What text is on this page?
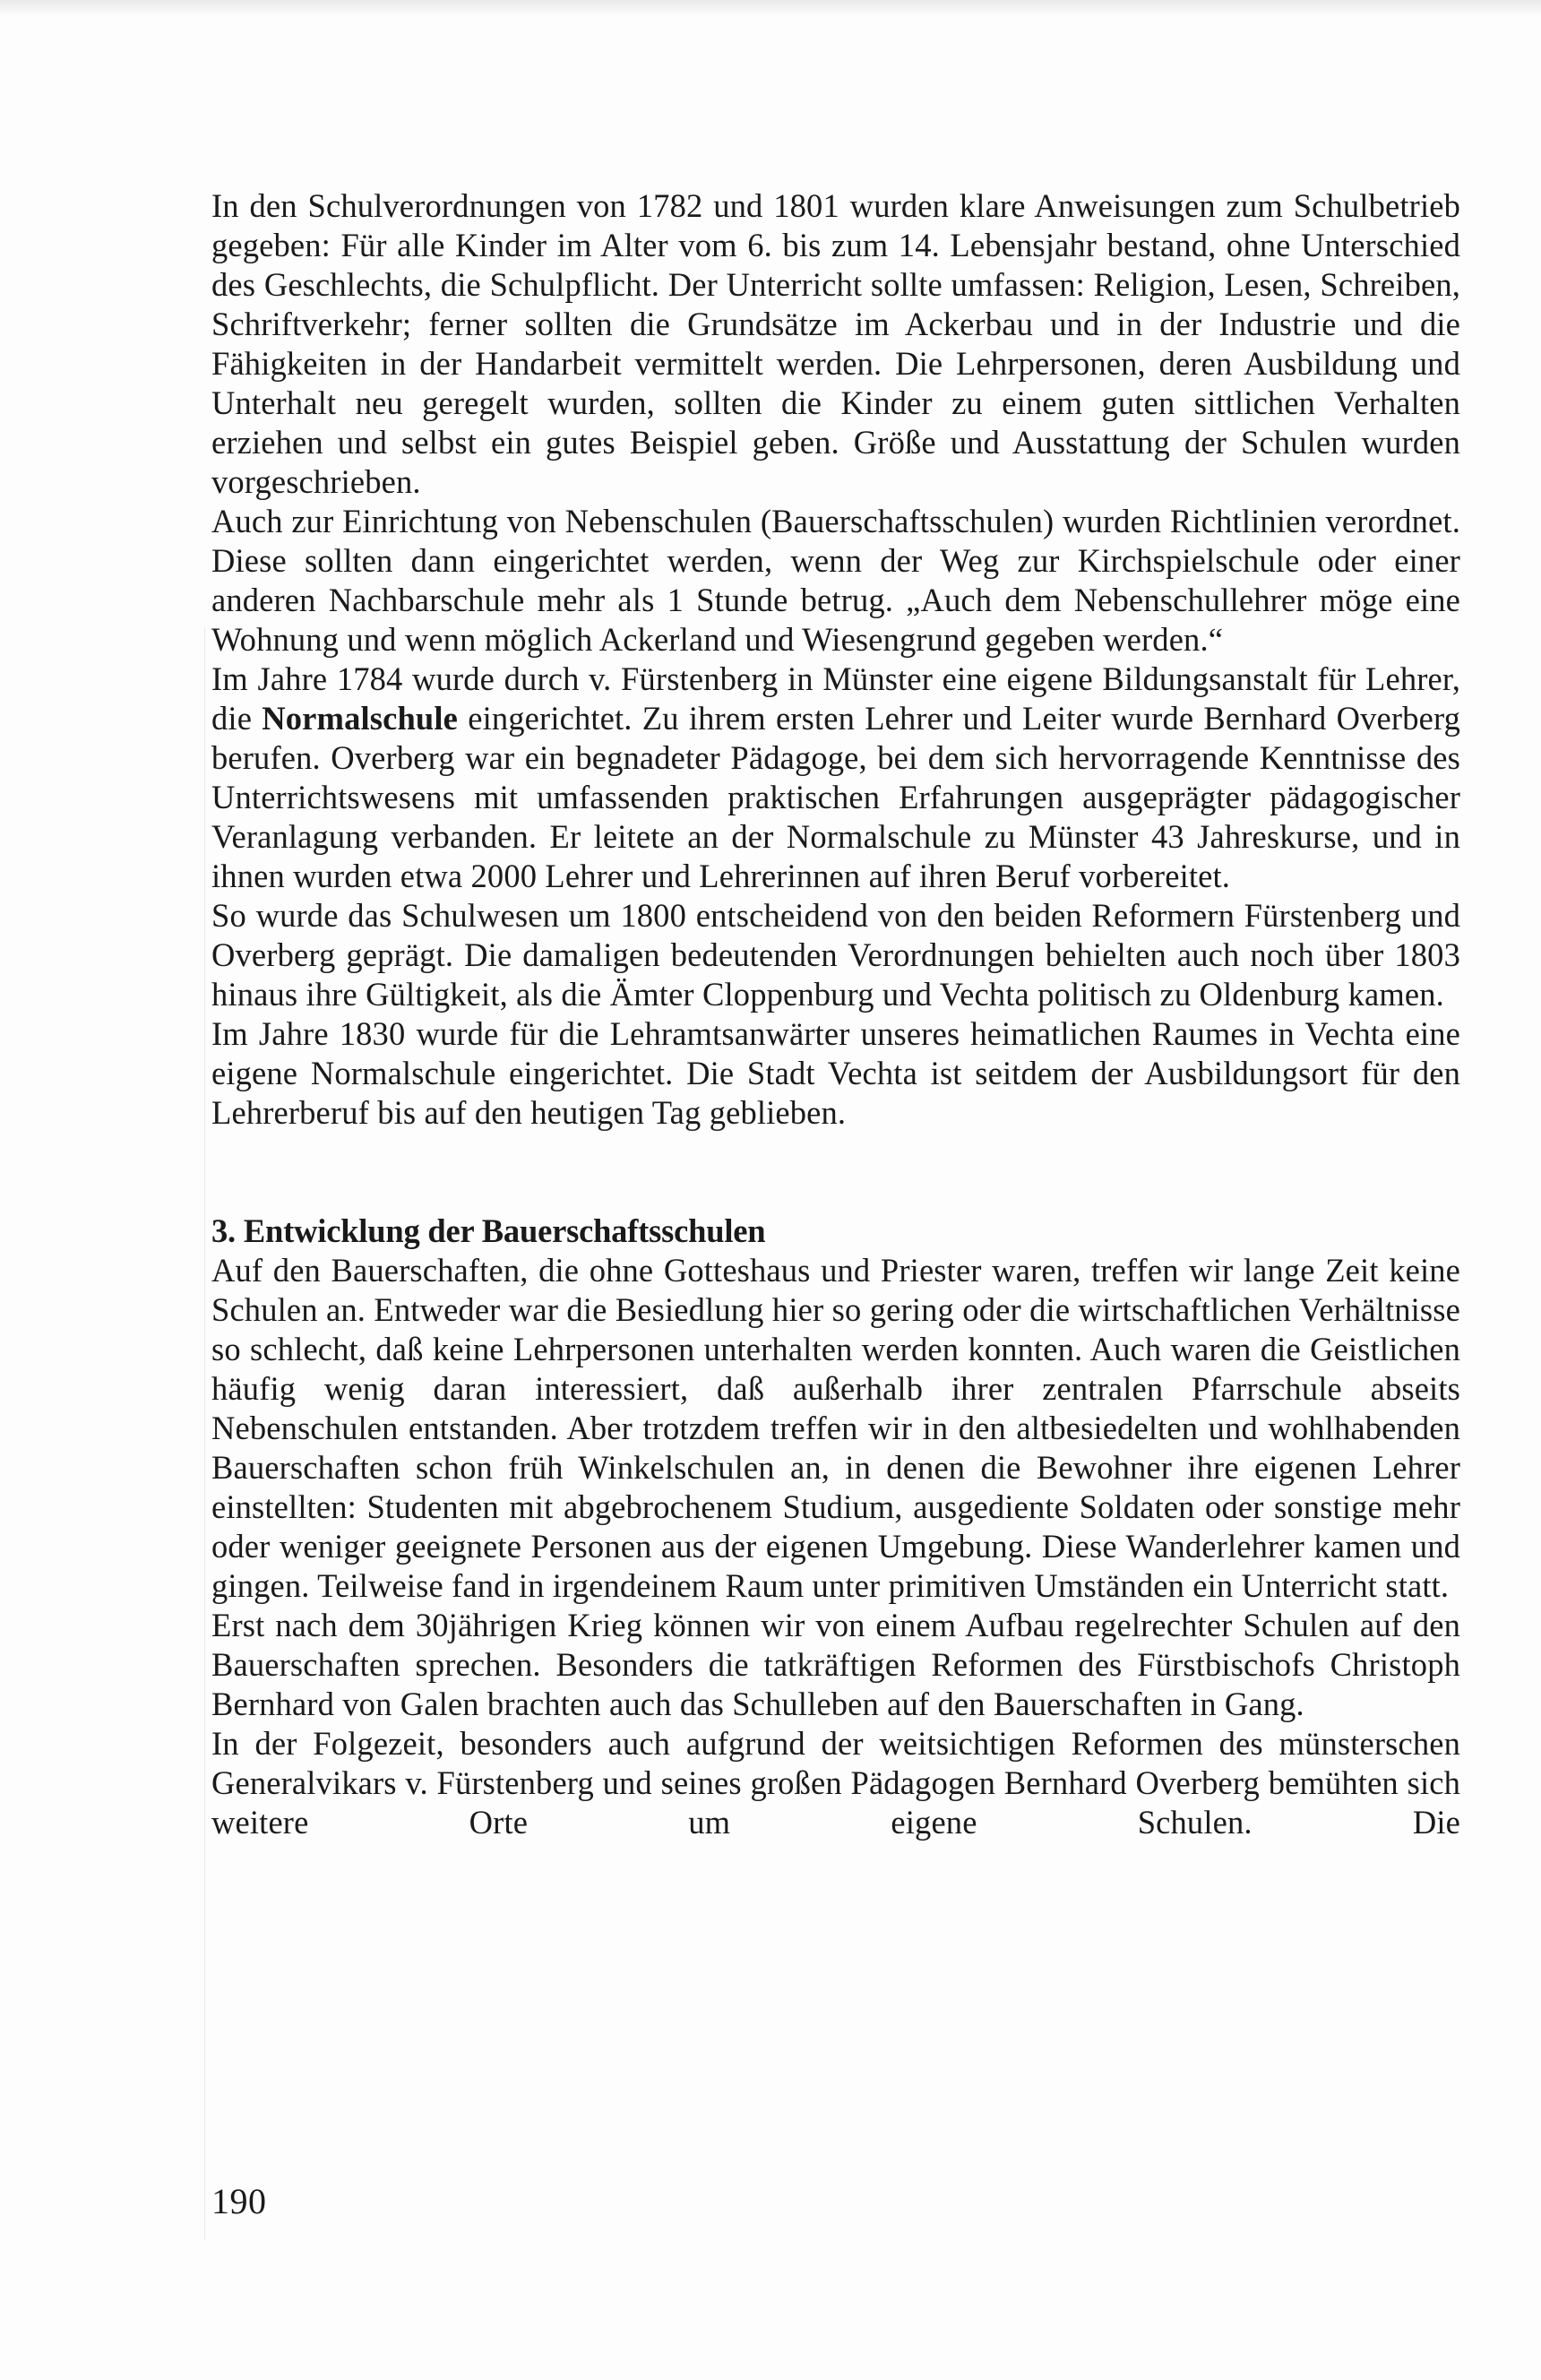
In den Schulverordnungen von 1782 und 1801 wurden klare Anweisungen zum Schulbetrieb gegeben: Für alle Kinder im Alter vom 6. bis zum 14. Lebensjahr bestand, ohne Unterschied des Geschlechts, die Schulpflicht. Der Unterricht sollte umfassen: Religion, Lesen, Schreiben, Schriftverkehr; ferner sollten die Grundsätze im Ackerbau und in der Industrie und die Fähigkeiten in der Handarbeit vermittelt werden. Die Lehrpersonen, deren Ausbildung und Unterhalt neu geregelt wurden, sollten die Kinder zu einem guten sittlichen Verhalten erziehen und selbst ein gutes Beispiel geben. Größe und Ausstattung der Schulen wurden vorgeschrieben.

Auch zur Einrichtung von Nebenschulen (Bauerschaftsschulen) wurden Richtlinien verordnet. Diese sollten dann eingerichtet werden, wenn der Weg zur Kirchspielschule oder einer anderen Nachbarschule mehr als 1 Stunde betrug. „Auch dem Nebenschullehrer möge eine Wohnung und wenn möglich Ackerland und Wiesengrund gegeben werden.“

Im Jahre 1784 wurde durch v. Fürstenberg in Münster eine eigene Bildungsanstalt für Lehrer, die Normalschule eingerichtet. Zu ihrem ersten Lehrer und Leiter wurde Bernhard Overberg berufen. Overberg war ein begnadeter Pädagoge, bei dem sich hervorragende Kenntnisse des Unterrichtswesens mit umfassenden praktischen Erfahrungen ausgeprägter pädagogischer Veranlagung verbanden. Er leitete an der Normalschule zu Münster 43 Jahreskurse, und in ihnen wurden etwa 2000 Lehrer und Lehrerinnen auf ihren Beruf vorbereitet.

So wurde das Schulwesen um 1800 entscheidend von den beiden Reformern Fürstenberg und Overberg geprägt. Die damaligen bedeutenden Verordnungen behielten auch noch über 1803 hinaus ihre Gültigkeit, als die Ämter Cloppenburg und Vechta politisch zu Oldenburg kamen.

Im Jahre 1830 wurde für die Lehramtsanwärter unseres heimatlichen Raumes in Vechta eine eigene Normalschule eingerichtet. Die Stadt Vechta ist seitdem der Ausbildungsort für den Lehrerberuf bis auf den heutigen Tag geblieben.

3. Entwicklung der Bauerschaftsschulen

Auf den Bauerschaften, die ohne Gotteshaus und Priester waren, treffen wir lange Zeit keine Schulen an. Entweder war die Besiedlung hier so gering oder die wirtschaftlichen Verhältnisse so schlecht, daß keine Lehrpersonen unterhalten werden konnten. Auch waren die Geistlichen häufig wenig daran interessiert, daß außerhalb ihrer zentralen Pfarrschule abseits Nebenschulen entstanden. Aber trotzdem treffen wir in den altbesiedelten und wohlhabenden Bauerschaften schon früh Winkelschulen an, in denen die Bewohner ihre eigenen Lehrer einstellten: Studenten mit abgebrochenem Studium, ausgediente Soldaten oder sonstige mehr oder weniger geeignete Personen aus der eigenen Umgebung. Diese Wanderlehrer kamen und gingen. Teilweise fand in irgendeinem Raum unter primitiven Umständen ein Unterricht statt.

Erst nach dem 30jährigen Krieg können wir von einem Aufbau regelrechter Schulen auf den Bauerschaften sprechen. Besonders die tatkräftigen Reformen des Fürstbischofs Christoph Bernhard von Galen brachten auch das Schulleben auf den Bauerschaften in Gang.

In der Folgezeit, besonders auch aufgrund der weitsichtigen Reformen des münsterschen Generalvikars v. Fürstenberg und seines großen Pädagogen Bernhard Overberg bemühten sich weitere Orte um eigene Schulen. Die

190
